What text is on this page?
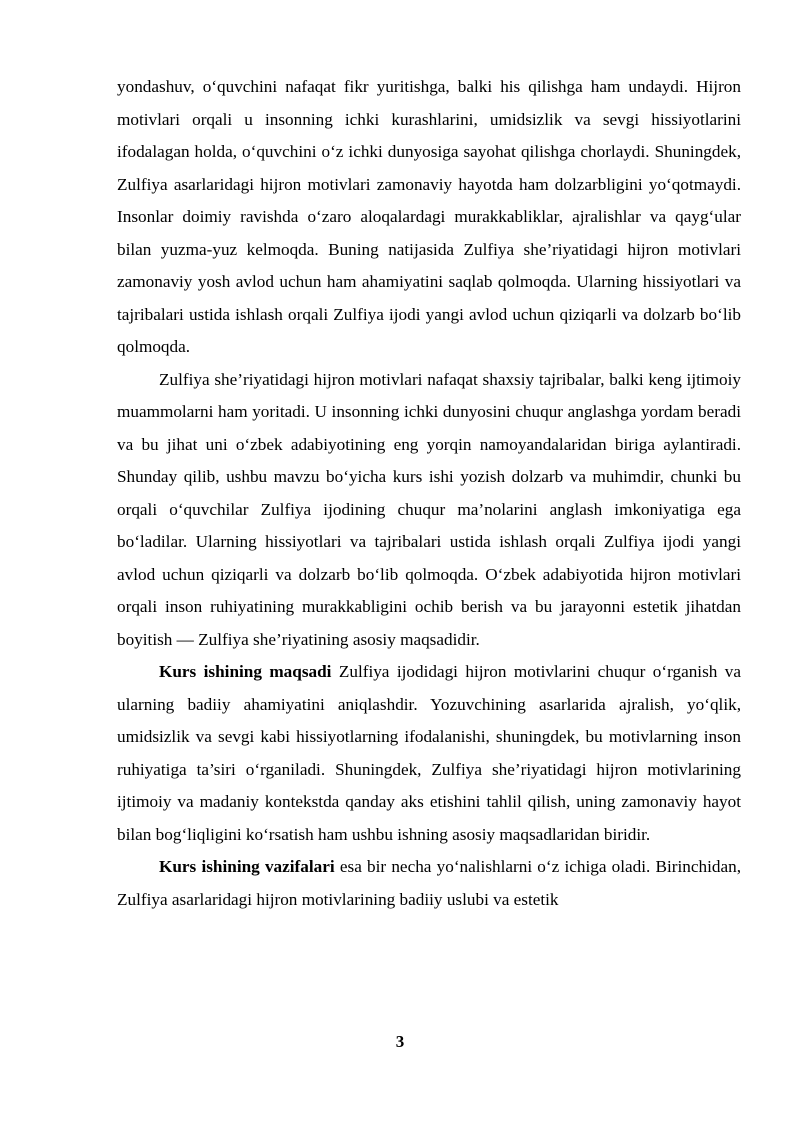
yondashuv, o‘quvchini nafaqat fikr yuritishga, balki his qilishga ham undaydi. Hijron motivlari orqali u insonning ichki kurashlarini, umidsizlik va sevgi hissiyotlarini ifodalagan holda, o‘quvchini o‘z ichki dunyosiga sayohat qilishga chorlaydi. Shuningdek, Zulfiya asarlaridagi hijron motivlari zamonaviy hayotda ham dolzarbligini yo‘qotmaydi. Insonlar doimiy ravishda o‘zaro aloqalardagi murakkabliklar, ajralishlar va qayg‘ular bilan yuzma-yuz kelmoqda. Buning natijasida Zulfiya she’riyatidagi hijron motivlari zamonaviy yosh avlod uchun ham ahamiyatini saqlab qolmoqda. Ularning hissiyotlari va tajribalari ustida ishlash orqali Zulfiya ijodi yangi avlod uchun qiziqarli va dolzarb bo‘lib qolmoqda.

Zulfiya she’riyatidagi hijron motivlari nafaqat shaxsiy tajribalar, balki keng ijtimoiy muammolarni ham yoritadi. U insonning ichki dunyosini chuqur anglashga yordam beradi va bu jihat uni o‘zbek adabiyotining eng yorqin namoyandalaridan biriga aylantiradi. Shunday qilib, ushbu mavzu bo‘yicha kurs ishi yozish dolzarb va muhimdir, chunki bu orqali o‘quvchilar Zulfiya ijodining chuqur ma’nolarini anglash imkoniyatiga ega bo‘ladilar. Ularning hissiyotlari va tajribalari ustida ishlash orqali Zulfiya ijodi yangi avlod uchun qiziqarli va dolzarb bo‘lib qolmoqda. O‘zbek adabiyotida hijron motivlari orqali inson ruhiyatining murakkabligini ochib berish va bu jarayonni estetik jihatdan boyitish — Zulfiya she’riyatining asosiy maqsadidir.

Kurs ishining maqsadi Zulfiya ijodidagi hijron motivlarini chuqur o‘rganish va ularning badiiy ahamiyatini aniqlashdir. Yozuvchining asarlarida ajralish, yo‘qlik, umidsizlik va sevgi kabi hissiyotlarning ifodalanishi, shuningdek, bu motivlarning inson ruhiyatiga ta’siri o‘rganiladi. Shuningdek, Zulfiya she’riyatidagi hijron motivlarining ijtimoiy va madaniy kontekstda qanday aks etishini tahlil qilish, uning zamonaviy hayot bilan bog‘liqligini ko‘rsatish ham ushbu ishning asosiy maqsadlaridan biridir.

Kurs ishining vazifalari esa bir necha yo‘nalishlarni o‘z ichiga oladi. Birinchidan, Zulfiya asarlaridagi hijron motivlarining badiiy uslubi va estetik

3
